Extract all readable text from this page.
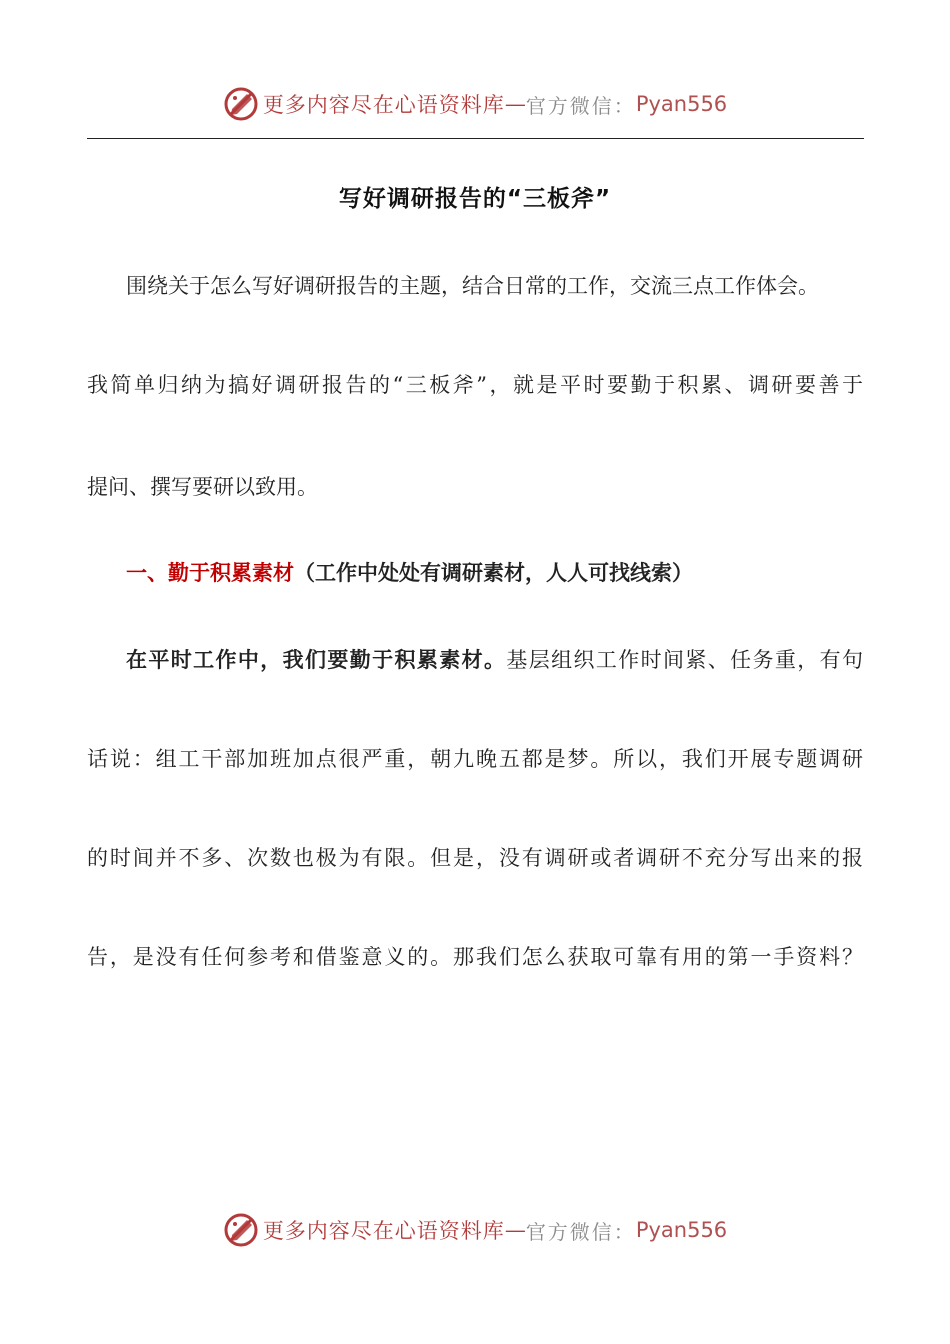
更多内容尽在心语资料库 — 官方微信： Pyan556
写好调研报告的“三板斧”
围绕关于怎么写好调研报告的主题，结合日常的工作，交流三点工作体会。
我简单归纳为搞好调研报告的“三板斧”，就是平时要勤于积累、调研要善于
提问、撰写要研以致用。
一、勤于积累素材（工作中处处有调研素材，人人可找线索）
在平时工作中，我们要勤于积累素材。基层组织工作时间紧、任务重，有句
话说：组工干部加班加点很严重，朝九晚五都是梦。所以，我们开展专题调研
的时间并不多、次数也极为有限。但是，没有调研或者调研不充分写出来的报
告，是没有任何参考和借鉴意义的。那我们怎么获取可靠有用的第一手资料？
更多内容尽在心语资料库 — 官方微信： Pyan556
